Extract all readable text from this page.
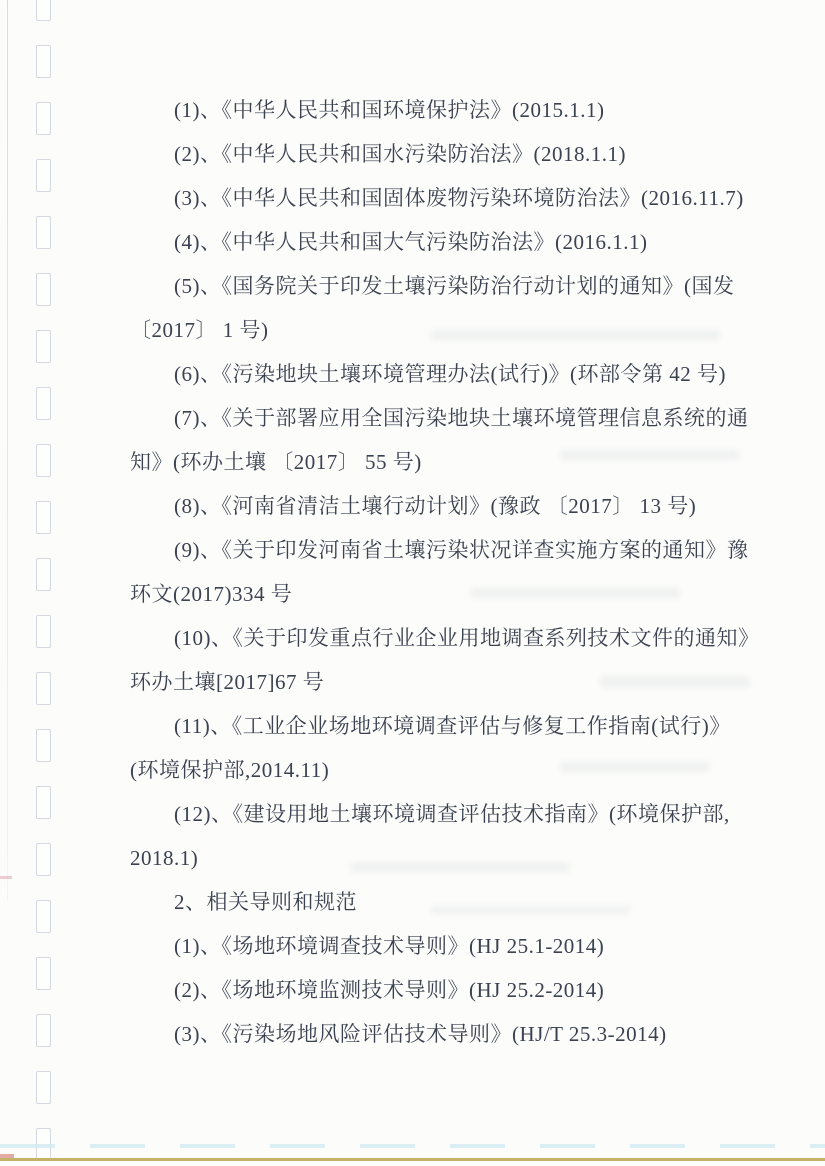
(1)、《中华人民共和国环境保护法》(2015.1.1)
(2)、《中华人民共和国水污染防治法》(2018.1.1)
(3)、《中华人民共和国固体废物污染环境防治法》(2016.11.7)
(4)、《中华人民共和国大气污染防治法》(2016.1.1)
(5)、《国务院关于印发土壤污染防治行动计划的通知》(国发
〔2017〕 1 号)
(6)、《污染地块土壤环境管理办法(试行)》(环部令第 42 号)
(7)、《关于部署应用全国污染地块土壤环境管理信息系统的通
知》(环办土壤 〔2017〕 55 号)
(8)、《河南省清洁土壤行动计划》(豫政 〔2017〕 13 号)
(9)、《关于印发河南省土壤污染状况详查实施方案的通知》豫
环文(2017)334 号
(10)、《关于印发重点行业企业用地调查系列技术文件的通知》
环办土壤[2017]67 号
(11)、《工业企业场地环境调查评估与修复工作指南(试行)》
(环境保护部,2014.11)
(12)、《建设用地土壤环境调查评估技术指南》(环境保护部,
2018.1)
2、相关导则和规范
(1)、《场地环境调查技术导则》(HJ 25.1-2014)
(2)、《场地环境监测技术导则》(HJ 25.2-2014)
(3)、《污染场地风险评估技术导则》(HJ/T 25.3-2014)
